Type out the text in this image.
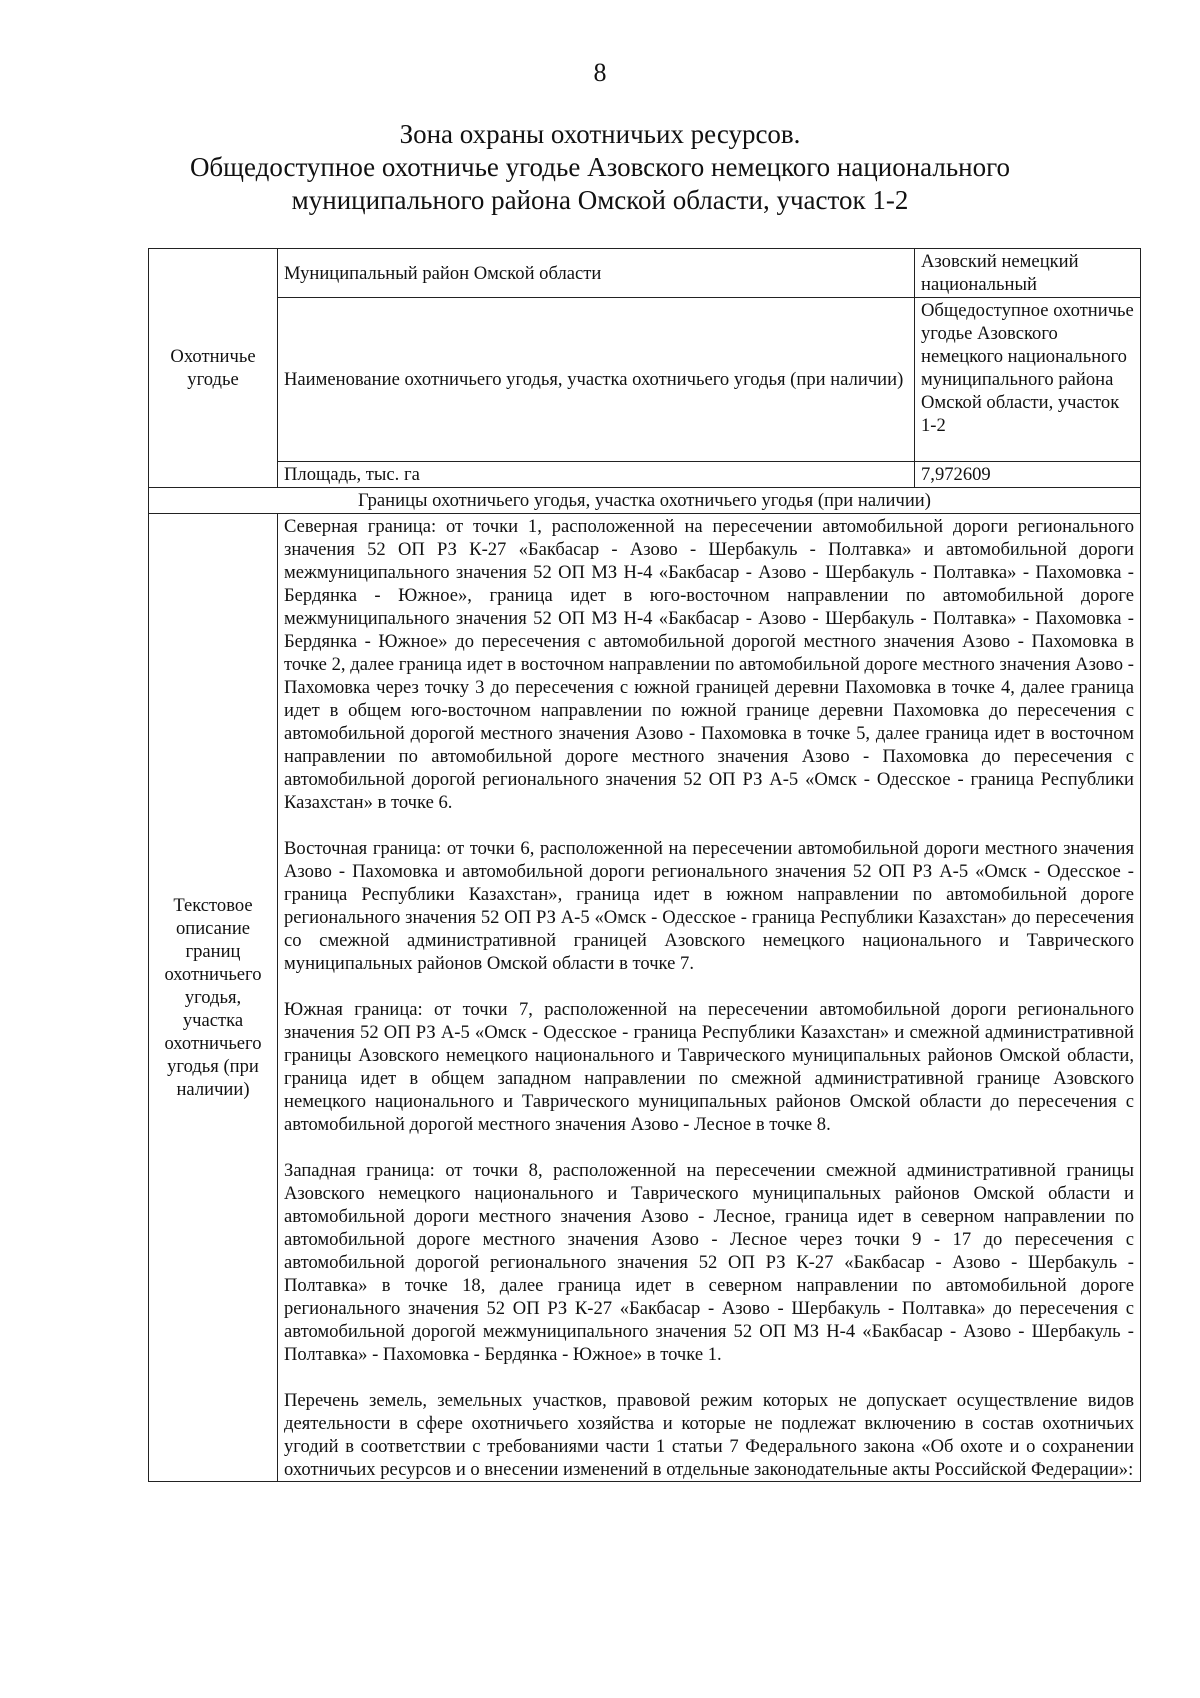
8
Зона охраны охотничьих ресурсов.
Общедоступное охотничье угодье Азовского немецкого национального
муниципального района Омской области, участок 1-2
Охотничье угодье	Муниципальный район Омской области	Азовский немецкий национальный
	Наименование охотничьего угодья, участка охотничьего угодья (при наличии)	Общедоступное охотничье угодье Азовского немецкого национального муниципального района Омской области, участок 1-2
	Площадь, тыс. га	7,972609
Границы охотничьего угодья, участка охотничьего угодья (при наличии)		
Текстовое описание границ охотничьего угодья, участка охотничьего угодья (при наличии)	Северная граница: от точки 1, расположенной на пересечении автомобильной дороги регионального значения 52 ОП РЗ К-27 «Бакбасар - Азово - Шербакуль - Полтавка» и автомобильной дороги межмуниципального значения 52 ОП МЗ Н-4 «Бакбасар - Азово - Шербакуль - Полтавка» - Пахомовка - Бердянка - Южное», граница идет в юго-восточном направлении по автомобильной дороге межмуниципального значения 52 ОП МЗ Н-4 «Бакбасар - Азово - Шербакуль - Полтавка» - Пахомовка - Бердянка - Южное» до пересечения с автомобильной дорогой местного значения Азово - Пахомовка в точке 2, далее граница идет в восточном направлении по автомобильной дороге местного значения Азово - Пахомовка через точку 3 до пересечения с южной границей деревни Пахомовка в точке 4, далее граница идет в общем юго-восточном направлении по южной границе деревни Пахомовка до пересечения с автомобильной дорогой местного значения Азово - Пахомовка в точке 5, далее граница идет в восточном направлении по автомобильной дороге местного значения Азово - Пахомовка до пересечения с автомобильной дорогой регионального значения 52 ОП РЗ А-5 «Омск - Одесское - граница Республики Казахстан» в точке 6.

Восточная граница: от точки 6, расположенной на пересечении автомобильной дороги местного значения Азово - Пахомовка и автомобильной дороги регионального значения 52 ОП РЗ А-5 «Омск - Одесское - граница Республики Казахстан», граница идет в южном направлении по автомобильной дороге регионального значения 52 ОП РЗ А-5 «Омск - Одесское - граница Республики Казахстан» до пересечения со смежной административной границей Азовского немецкого национального и Таврического муниципальных районов Омской области в точке 7.

Южная граница: от точки 7, расположенной на пересечении автомобильной дороги регионального значения 52 ОП РЗ А-5 «Омск - Одесское - граница Республики Казахстан» и смежной административной границы Азовского немецкого национального и Таврического муниципальных районов Омской области, граница идет в общем западном направлении по смежной административной границе Азовского немецкого национального и Таврического муниципальных районов Омской области до пересечения с автомобильной дорогой местного значения Азово - Лесное в точке 8.

Западная граница: от точки 8, расположенной на пересечении смежной административной границы Азовского немецкого национального и Таврического муниципальных районов Омской области и автомобильной дороги местного значения Азово - Лесное, граница идет в северном направлении по автомобильной дороге местного значения Азово - Лесное через точки 9 - 17 до пересечения с автомобильной дорогой регионального значения 52 ОП РЗ К-27 «Бакбасар - Азово - Шербакуль - Полтавка» в точке 18, далее граница идет в северном направлении по автомобильной дороге регионального значения 52 ОП РЗ К-27 «Бакбасар - Азово - Шербакуль - Полтавка» до пересечения с автомобильной дорогой межмуниципального значения 52 ОП МЗ Н-4 «Бакбасар - Азово - Шербакуль - Полтавка» - Пахомовка - Бердянка - Южное» в точке 1.

Перечень земель, земельных участков, правовой режим которых не допускает осуществление видов деятельности в сфере охотничьего хозяйства и которые не подлежат включению в состав охотничьих угодий в соответствии с требованиями части 1 статьи 7 Федерального закона «Об охоте и о сохранении охотничьих ресурсов и о внесении изменений в отдельные законодательные акты Российской Федерации»:	
